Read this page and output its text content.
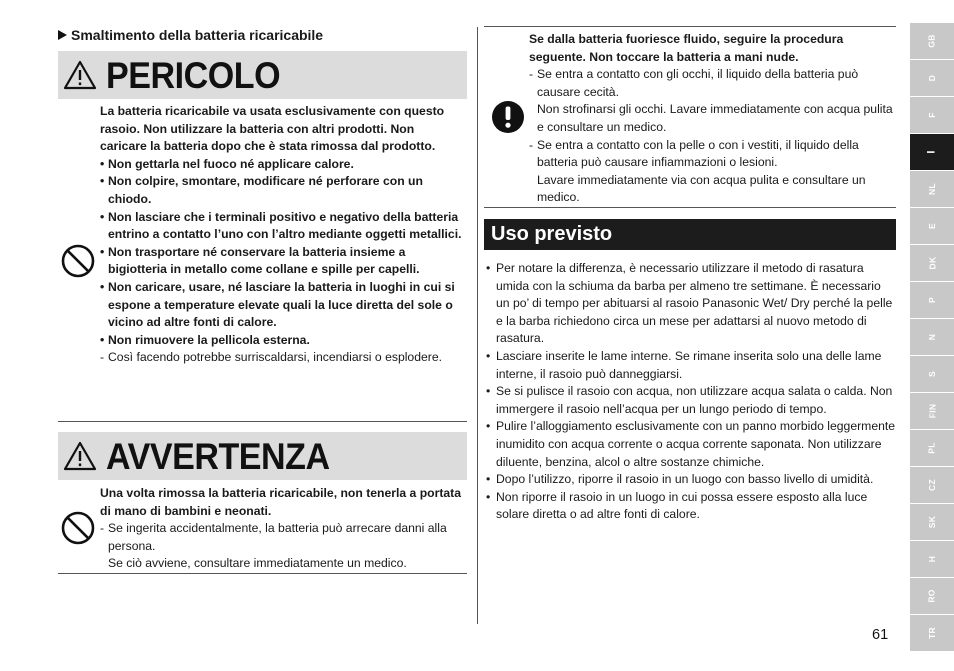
Smaltimento della batteria ricaricabile
PERICOLO
La batteria ricaricabile va usata esclusivamente con questo rasoio. Non utilizzare la batteria con altri prodotti. Non caricare la batteria dopo che è stata rimossa dal prodotto.
• Non gettarla nel fuoco né applicare calore.
• Non colpire, smontare, modificare né perforare con un chiodo.
• Non lasciare che i terminali positivo e negativo della batteria entrino a contatto l’uno con l’altro mediante oggetti metallici.
• Non trasportare né conservare la batteria insieme a bigiotteria in metallo come collane e spille per capelli.
• Non caricare, usare, né lasciare la batteria in luoghi in cui si espone a temperature elevate quali la luce diretta del sole o vicino ad altre fonti di calore.
• Non rimuovere la pellicola esterna.
- Così facendo potrebbe surriscaldarsi, incendiarsi o esplodere.
AVVERTENZA
Una volta rimossa la batteria ricaricabile, non tenerla a portata di mano di bambini e neonati.
- Se ingerita accidentalmente, la batteria può arrecare danni alla persona.
Se ciò avviene, consultare immediatamente un medico.
Se dalla batteria fuoriesce fluido, seguire la procedura seguente. Non toccare la batteria a mani nude.
- Se entra a contatto con gli occhi, il liquido della batteria può causare cecità.
Non strofinarsi gli occhi. Lavare immediatamente con acqua pulita e consultare un medico.
- Se entra a contatto con la pelle o con i vestiti, il liquido della batteria può causare infiammazioni o lesioni.
Lavare immediatamente via con acqua pulita e consultare un medico.
Uso previsto
• Per notare la differenza, è necessario utilizzare il metodo di rasatura umida con la schiuma da barba per almeno tre settimane. È necessario un po’ di tempo per abituarsi al rasoio Panasonic Wet/ Dry perché la pelle e la barba richiedono circa un mese per adattarsi al nuovo metodo di rasatura.
• Lasciare inserite le lame interne. Se rimane inserita solo una delle lame interne, il rasoio può danneggiarsi.
• Se si pulisce il rasoio con acqua, non utilizzare acqua salata o calda. Non immergere il rasoio nell’acqua per un lungo periodo di tempo.
• Pulire l’alloggiamento esclusivamente con un panno morbido leggermente inumidito con acqua corrente o acqua corrente saponata. Non utilizzare diluente, benzina, alcol o altre sostanze chimiche.
• Dopo l’utilizzo, riporre il rasoio in un luogo con basso livello di umidità.
• Non riporre il rasoio in un luogo in cui possa essere esposto alla luce solare diretta o ad altre fonti di calore.
GB
D
F
I
NL
E
DK
P
N
S
FIN
PL
CZ
SK
H
RO
TR
61
